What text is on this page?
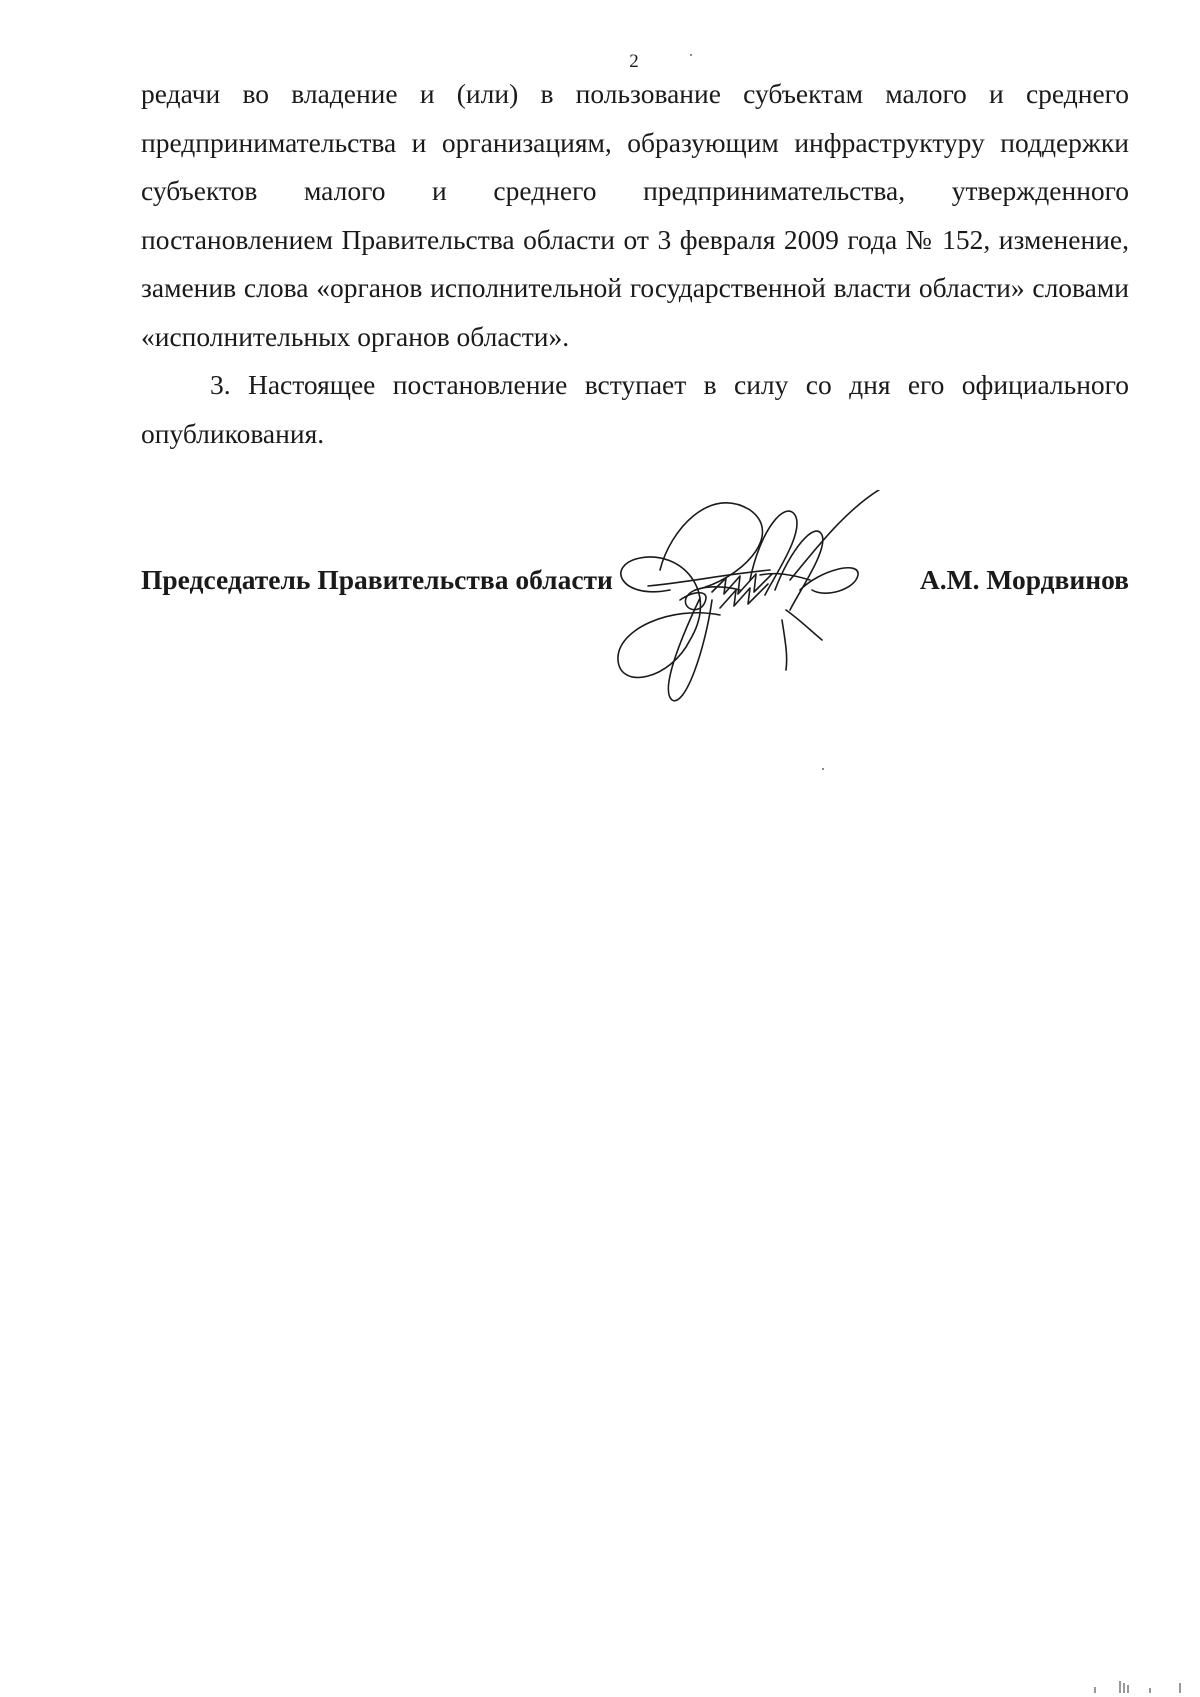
2

редачи во владение и (или) в пользование субъектам малого и среднего предпринимательства и организациям, образующим инфраструктуру поддержки субъектов малого и среднего предпринимательства, утвержденного постановлением Правительства области от 3 февраля 2009 года № 152, изменение, заменив слова «органов исполнительной государственной власти области» словами «исполнительных органов области».

3. Настоящее постановление вступает в силу со дня его официального опубликования.

Председатель Правительства области	А.М. Мордвинов
